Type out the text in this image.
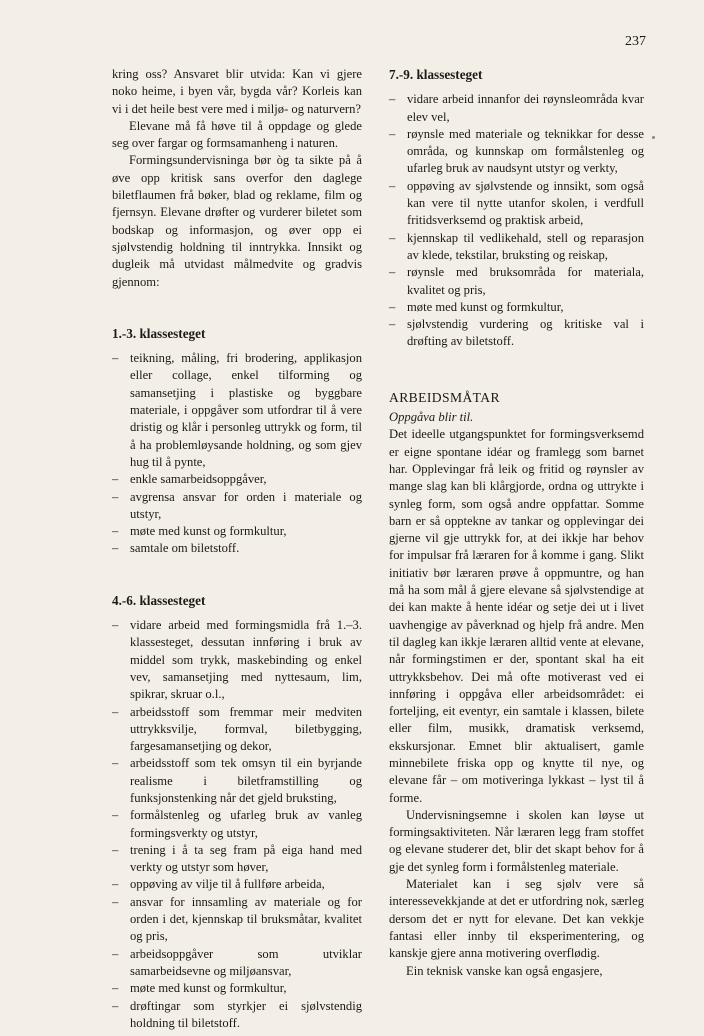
237

kring oss? Ansvaret blir utvida: Kan vi gjere noko heime, i byen vår, bygda vår? Korleis kan vi i det heile best vere med i miljø- og naturvern?

Elevane må få høve til å oppdage og glede seg over fargar og formsamanheng i naturen.

Formingsundervisninga bør òg ta sikte på å øve opp kritisk sans overfor den daglege biletflaumen frå bøker, blad og reklame, film og fjernsyn. Elevane drøfter og vurderer biletet som bodskap og informasjon, og øver opp ei sjølvstendig holdning til inntrykka. Innsikt og dugleik må utvidast målmedvite og gradvis gjennom:

1.-3. klassesteget
– teikning, måling, fri brodering, applikasjon eller collage, enkel tilforming og samansetjing i plastiske og byggbare materiale, i oppgåver som utfordrar til å vere dristig og klår i personleg uttrykk og form, til å ha problemløysande holdning, og som gjev hug til å pynte,
– enkle samarbeidsoppgåver,
– avgrensa ansvar for orden i materiale og utstyr,
– møte med kunst og formkultur,
– samtale om biletstoff.
4.-6. klassesteget
– vidare arbeid med formingsmidla frå 1.–3. klassesteget, dessutan innføring i bruk av middel som trykk, maskebinding og enkel vev, samansetjing med nyttesaum, lim, spikrar, skruar o.l.,
– arbeidsstoff som fremmar meir medviten uttrykksvilje, formval, biletbygging, fargesamansetjing og dekor,
– arbeidsstoff som tek omsyn til ein byrjande realisme i biletframstilling og funksjonstenking når det gjeld bruksting,
– formålstenleg og ufarleg bruk av vanleg formingsverkty og utstyr,
– trening i å ta seg fram på eiga hand med verkty og utstyr som høver,
– oppøving av vilje til å fullføre arbeida,
– ansvar for innsamling av materiale og for orden i det, kjennskap til bruksmåtar, kvalitet og pris,
– arbeidsoppgåver som utviklar samarbeidsevne og miljøansvar,
– møte med kunst og formkultur,
– drøftingar som styrkjer ei sjølvstendig holdning til biletstoff.
7.-9. klassesteget
– vidare arbeid innanfor dei røynsleområda kvar elev vel,
– røynsle med materiale og teknikkar for desse områda, og kunnskap om formålstenleg og ufarleg bruk av naudsynt utstyr og verkty,
– oppøving av sjølvstende og innsikt, som også kan vere til nytte utanfor skolen, i verdfull fritidsverksemd og praktisk arbeid,
– kjennskap til vedlikehald, stell og reparasjon av klede, tekstilar, bruksting og reiskap,
– røynsle med bruksområda for materiala, kvalitet og pris,
– møte med kunst og formkultur,
– sjølvstendig vurdering og kritiske val i drøfting av biletstoff.
ARBEIDSMÅTAR

Oppgåva blir til.

Det ideelle utgangspunktet for formingsverksemd er eigne spontane idéar og framlegg som barnet har. Opplevingar frå leik og fritid og røynsler av mange slag kan bli klårgjorde, ordna og uttrykte i synleg form, som også andre oppfattar. Somme barn er så opptekne av tankar og opplevingar dei gjerne vil gje uttrykk for, at dei ikkje har behov for impulsar frå læraren for å komme i gang. Slikt initiativ bør læraren prøve å oppmuntre, og han må ha som mål å gjere elevane så sjølvstendige at dei kan makte å hente idéar og setje dei ut i livet uavhengige av påverknad og hjelp frå andre. Men til dagleg kan ikkje læraren alltid vente at elevane, når formingstimen er der, spontant skal ha eit uttrykksbehov. Dei må ofte motiverast ved ei innføring i oppgåva eller arbeidsområdet: ei forteljing, eit eventyr, ein samtale i klassen, bilete eller film, musikk, dramatisk verksemd, ekskursjonar. Emnet blir aktualisert, gamle minnebilete friska opp og knytte til nye, og elevane får – om motiveringa lykkast – lyst til å forme.

Undervisningsemne i skolen kan løyse ut formingsaktiviteten. Når læraren legg fram stoffet og elevane studerer det, blir det skapt behov for å gje det synleg form i formålstenleg materiale.

Materialet kan i seg sjølv vere så interessevekkjande at det er utfordring nok, særleg dersom det er nytt for elevane. Det kan vekkje fantasi eller innby til eksperimentering, og kanskje gjere anna motivering overflødig.

Ein teknisk vanske kan også engasjere,
